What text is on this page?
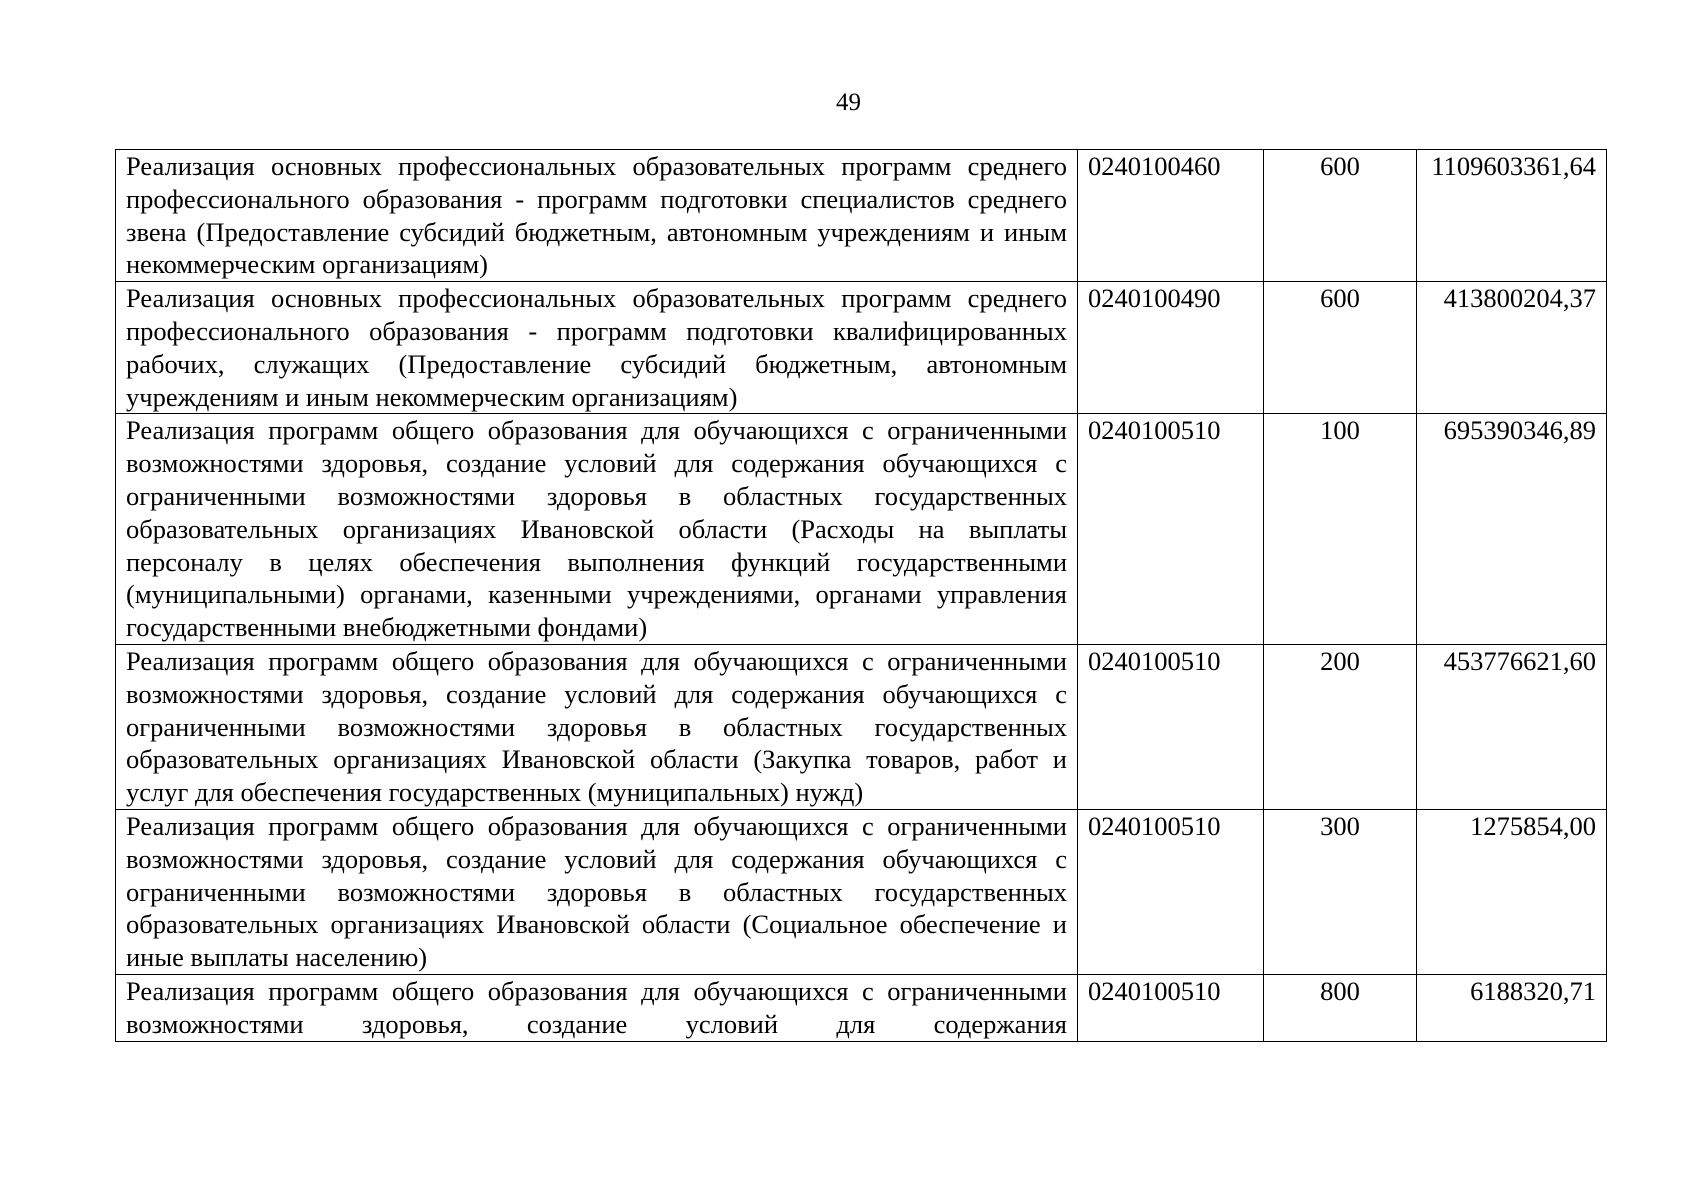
49
Реализация основных профессиональных образовательных программ среднего профессионального образования - программ подготовки специалистов среднего звена (Предоставление субсидий бюджетным, автономным учреждениям и иным некоммерческим организациям)	0240100460	600	1109603361,64
Реализация основных профессиональных образовательных программ среднего профессионального образования - программ подготовки квалифицированных рабочих, служащих (Предоставление субсидий бюджетным, автономным учреждениям и иным некоммерческим организациям)	0240100490	600	413800204,37
Реализация программ общего образования для обучающихся с ограниченными возможностями здоровья, создание условий для содержания обучающихся с ограниченными возможностями здоровья в областных государственных образовательных организациях Ивановской области (Расходы на выплаты персоналу в целях обеспечения выполнения функций государственными (муниципальными) органами, казенными учреждениями, органами управления государственными внебюджетными фондами)	0240100510	100	695390346,89
Реализация программ общего образования для обучающихся с ограниченными возможностями здоровья, создание условий для содержания обучающихся с ограниченными возможностями здоровья в областных государственных образовательных организациях Ивановской области (Закупка товаров, работ и услуг для обеспечения государственных (муниципальных) нужд)	0240100510	200	453776621,60
Реализация программ общего образования для обучающихся с ограниченными возможностями здоровья, создание условий для содержания обучающихся с ограниченными возможностями здоровья в областных государственных образовательных организациях Ивановской области (Социальное обеспечение и иные выплаты населению)	0240100510	300	1275854,00
Реализация программ общего образования для обучающихся с ограниченными возможностями здоровья, создание условий для содержания	0240100510	800	6188320,71
